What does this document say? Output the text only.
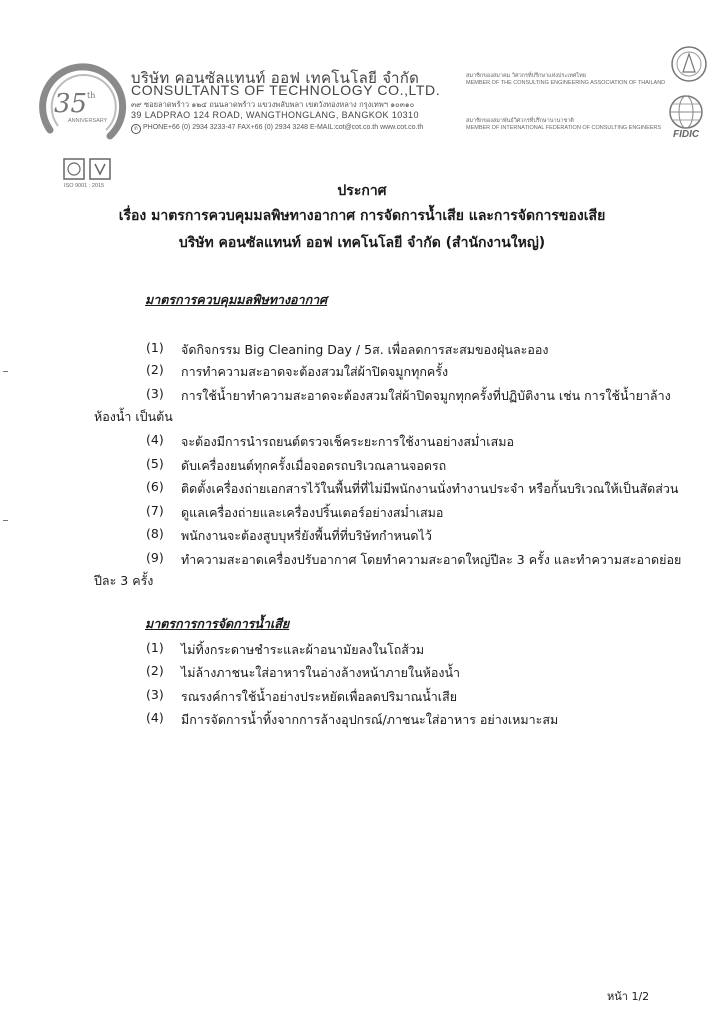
35 th
ANNIVERSARY
บริษัท คอนซัลแทนท์ ออฟ เทคโนโลยี จำกัด
CONSULTANTS OF TECHNOLOGY CO.,LTD.
๓๙ ซอยลาดพร้าว ๑๒๔ ถนนลาดพร้าว แขวงพลับพลา เขตวังทองหลาง กรุงเทพฯ ๑๐๓๑๐
39 LADPRAO 124 ROAD, WANGTHONGLANG, BANGKOK 10310
✆ PHONE+66 (0) 2934 3233-47 FAX+66 (0) 2934 3248 E-MAIL:cot@cot.co.th www.cot.co.th
ISO 9001 : 2015
สมาชิกของสมาคม วิศวกรที่ปรึกษาแห่งประเทศไทย
MEMBER OF THE CONSULTING ENGINEERING ASSOCIATION OF THAILAND
สมาชิกของสมาพันธ์วิศวกรที่ปรึกษานานาชาติ
MEMBER OF INTERNATIONAL FEDERATION OF CONSULTING ENGINEERS
FIDIC
ประกาศ
เรื่อง มาตรการควบคุมมลพิษทางอากาศ การจัดการน้ำเสีย และการจัดการของเสีย
บริษัท คอนซัลแทนท์ ออฟ เทคโนโลยี จำกัด (สำนักงานใหญ่)
มาตรการควบคุมมลพิษทางอากาศ
(1)	จัดกิจกรรม Big Cleaning Day / 5ส. เพื่อลดการสะสมของฝุ่นละออง
(2)	การทำความสะอาดจะต้องสวมใส่ผ้าปิดจมูกทุกครั้ง
(3)	การใช้น้ำยาทำความสะอาดจะต้องสวมใส่ผ้าปิดจมูกทุกครั้งที่ปฏิบัติงาน เช่น การใช้น้ำยาล้าง
ห้องน้ำ เป็นต้น
(4)	จะต้องมีการนำรถยนต์ตรวจเช็คระยะการใช้งานอย่างสม่ำเสมอ
(5)	ดับเครื่องยนต์ทุกครั้งเมื่อจอดรถบริเวณลานจอดรถ
(6)	ติดตั้งเครื่องถ่ายเอกสารไว้ในพื้นที่ที่ไม่มีพนักงานนั่งทำงานประจำ หรือกั้นบริเวณให้เป็นสัดส่วน
(7)	ดูแลเครื่องถ่ายและเครื่องปริ้นเตอร์อย่างสม่ำเสมอ
(8)	พนักงานจะต้องสูบบุหรี่ยังพื้นที่ที่บริษัทกำหนดไว้
(9)	ทำความสะอาดเครื่องปรับอากาศ โดยทำความสะอาดใหญ่ปีละ 3 ครั้ง และทำความสะอาดย่อย
ปีละ 3 ครั้ง
มาตรการการจัดการน้ำเสีย
(1)	ไม่ทิ้งกระดาษชำระและผ้าอนามัยลงในโถส้วม
(2)	ไม่ล้างภาชนะใส่อาหารในอ่างล้างหน้าภายในห้องน้ำ
(3)	รณรงค์การใช้น้ำอย่างประหยัดเพื่อลดปริมาณน้ำเสีย
(4)	มีการจัดการน้ำทิ้งจากการล้างอุปกรณ์/ภาชนะใส่อาหาร อย่างเหมาะสม
หน้า 1/2
